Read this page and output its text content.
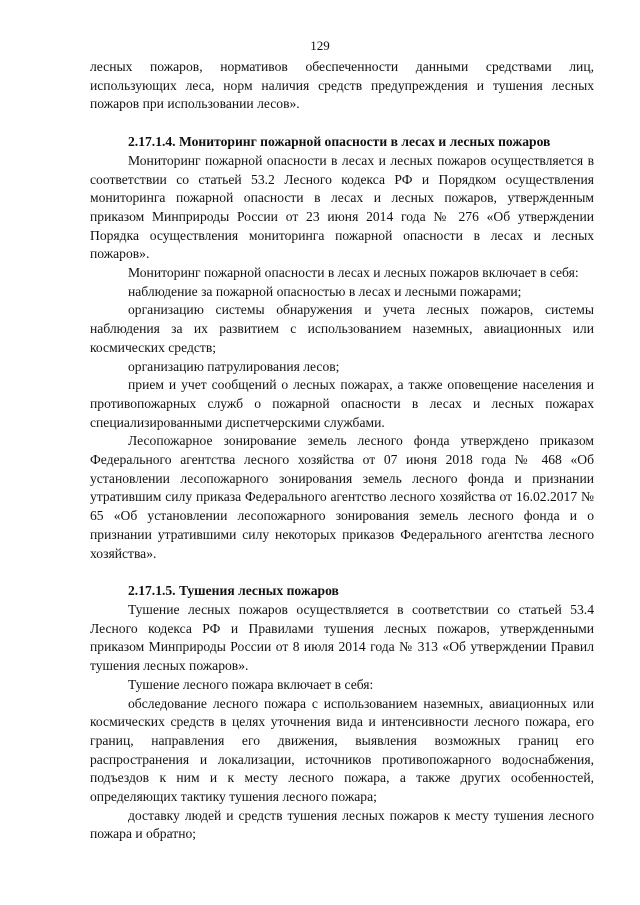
129

лесных пожаров, нормативов обеспеченности данными средствами лиц, использующих леса, норм наличия средств предупреждения и тушения лесных пожаров при использовании лесов».

2.17.1.4. Мониторинг пожарной опасности в лесах и лесных пожаров

Мониторинг пожарной опасности в лесах и лесных пожаров осуществляется в соответствии со статьей 53.2 Лесного кодекса РФ и Порядком осуществления мониторинга пожарной опасности в лесах и лесных пожаров, утвержденным приказом Минприроды России от 23 июня 2014 года № 276 «Об утверждении Порядка осуществления мониторинга пожарной опасности в лесах и лесных пожаров».

Мониторинг пожарной опасности в лесах и лесных пожаров включает в себя:

наблюдение за пожарной опасностью в лесах и лесными пожарами;

организацию системы обнаружения и учета лесных пожаров, системы наблюдения за их развитием с использованием наземных, авиационных или космических средств;

организацию патрулирования лесов;

прием и учет сообщений о лесных пожарах, а также оповещение населения и противопожарных служб о пожарной опасности в лесах и лесных пожарах специализированными диспетчерскими службами.

Лесопожарное зонирование земель лесного фонда утверждено приказом Федерального агентства лесного хозяйства от 07 июня 2018 года № 468 «Об установлении лесопожарного зонирования земель лесного фонда и признании утратившим силу приказа Федерального агентство лесного хозяйства от 16.02.2017 № 65 «Об установлении лесопожарного зонирования земель лесного фонда и о признании утратившими силу некоторых приказов Федерального агентства лесного хозяйства».

2.17.1.5. Тушения лесных пожаров

Тушение лесных пожаров осуществляется в соответствии со статьей 53.4 Лесного кодекса РФ и Правилами тушения лесных пожаров, утвержденными приказом Минприроды России от 8 июля 2014 года № 313 «Об утверждении Правил тушения лесных пожаров».

Тушение лесного пожара включает в себя:

обследование лесного пожара с использованием наземных, авиационных или космических средств в целях уточнения вида и интенсивности лесного пожара, его границ, направления его движения, выявления возможных границ его распространения и локализации, источников противопожарного водоснабжения, подъездов к ним и к месту лесного пожара, а также других особенностей, определяющих тактику тушения лесного пожара;

доставку людей и средств тушения лесных пожаров к месту тушения лесного пожара и обратно;
